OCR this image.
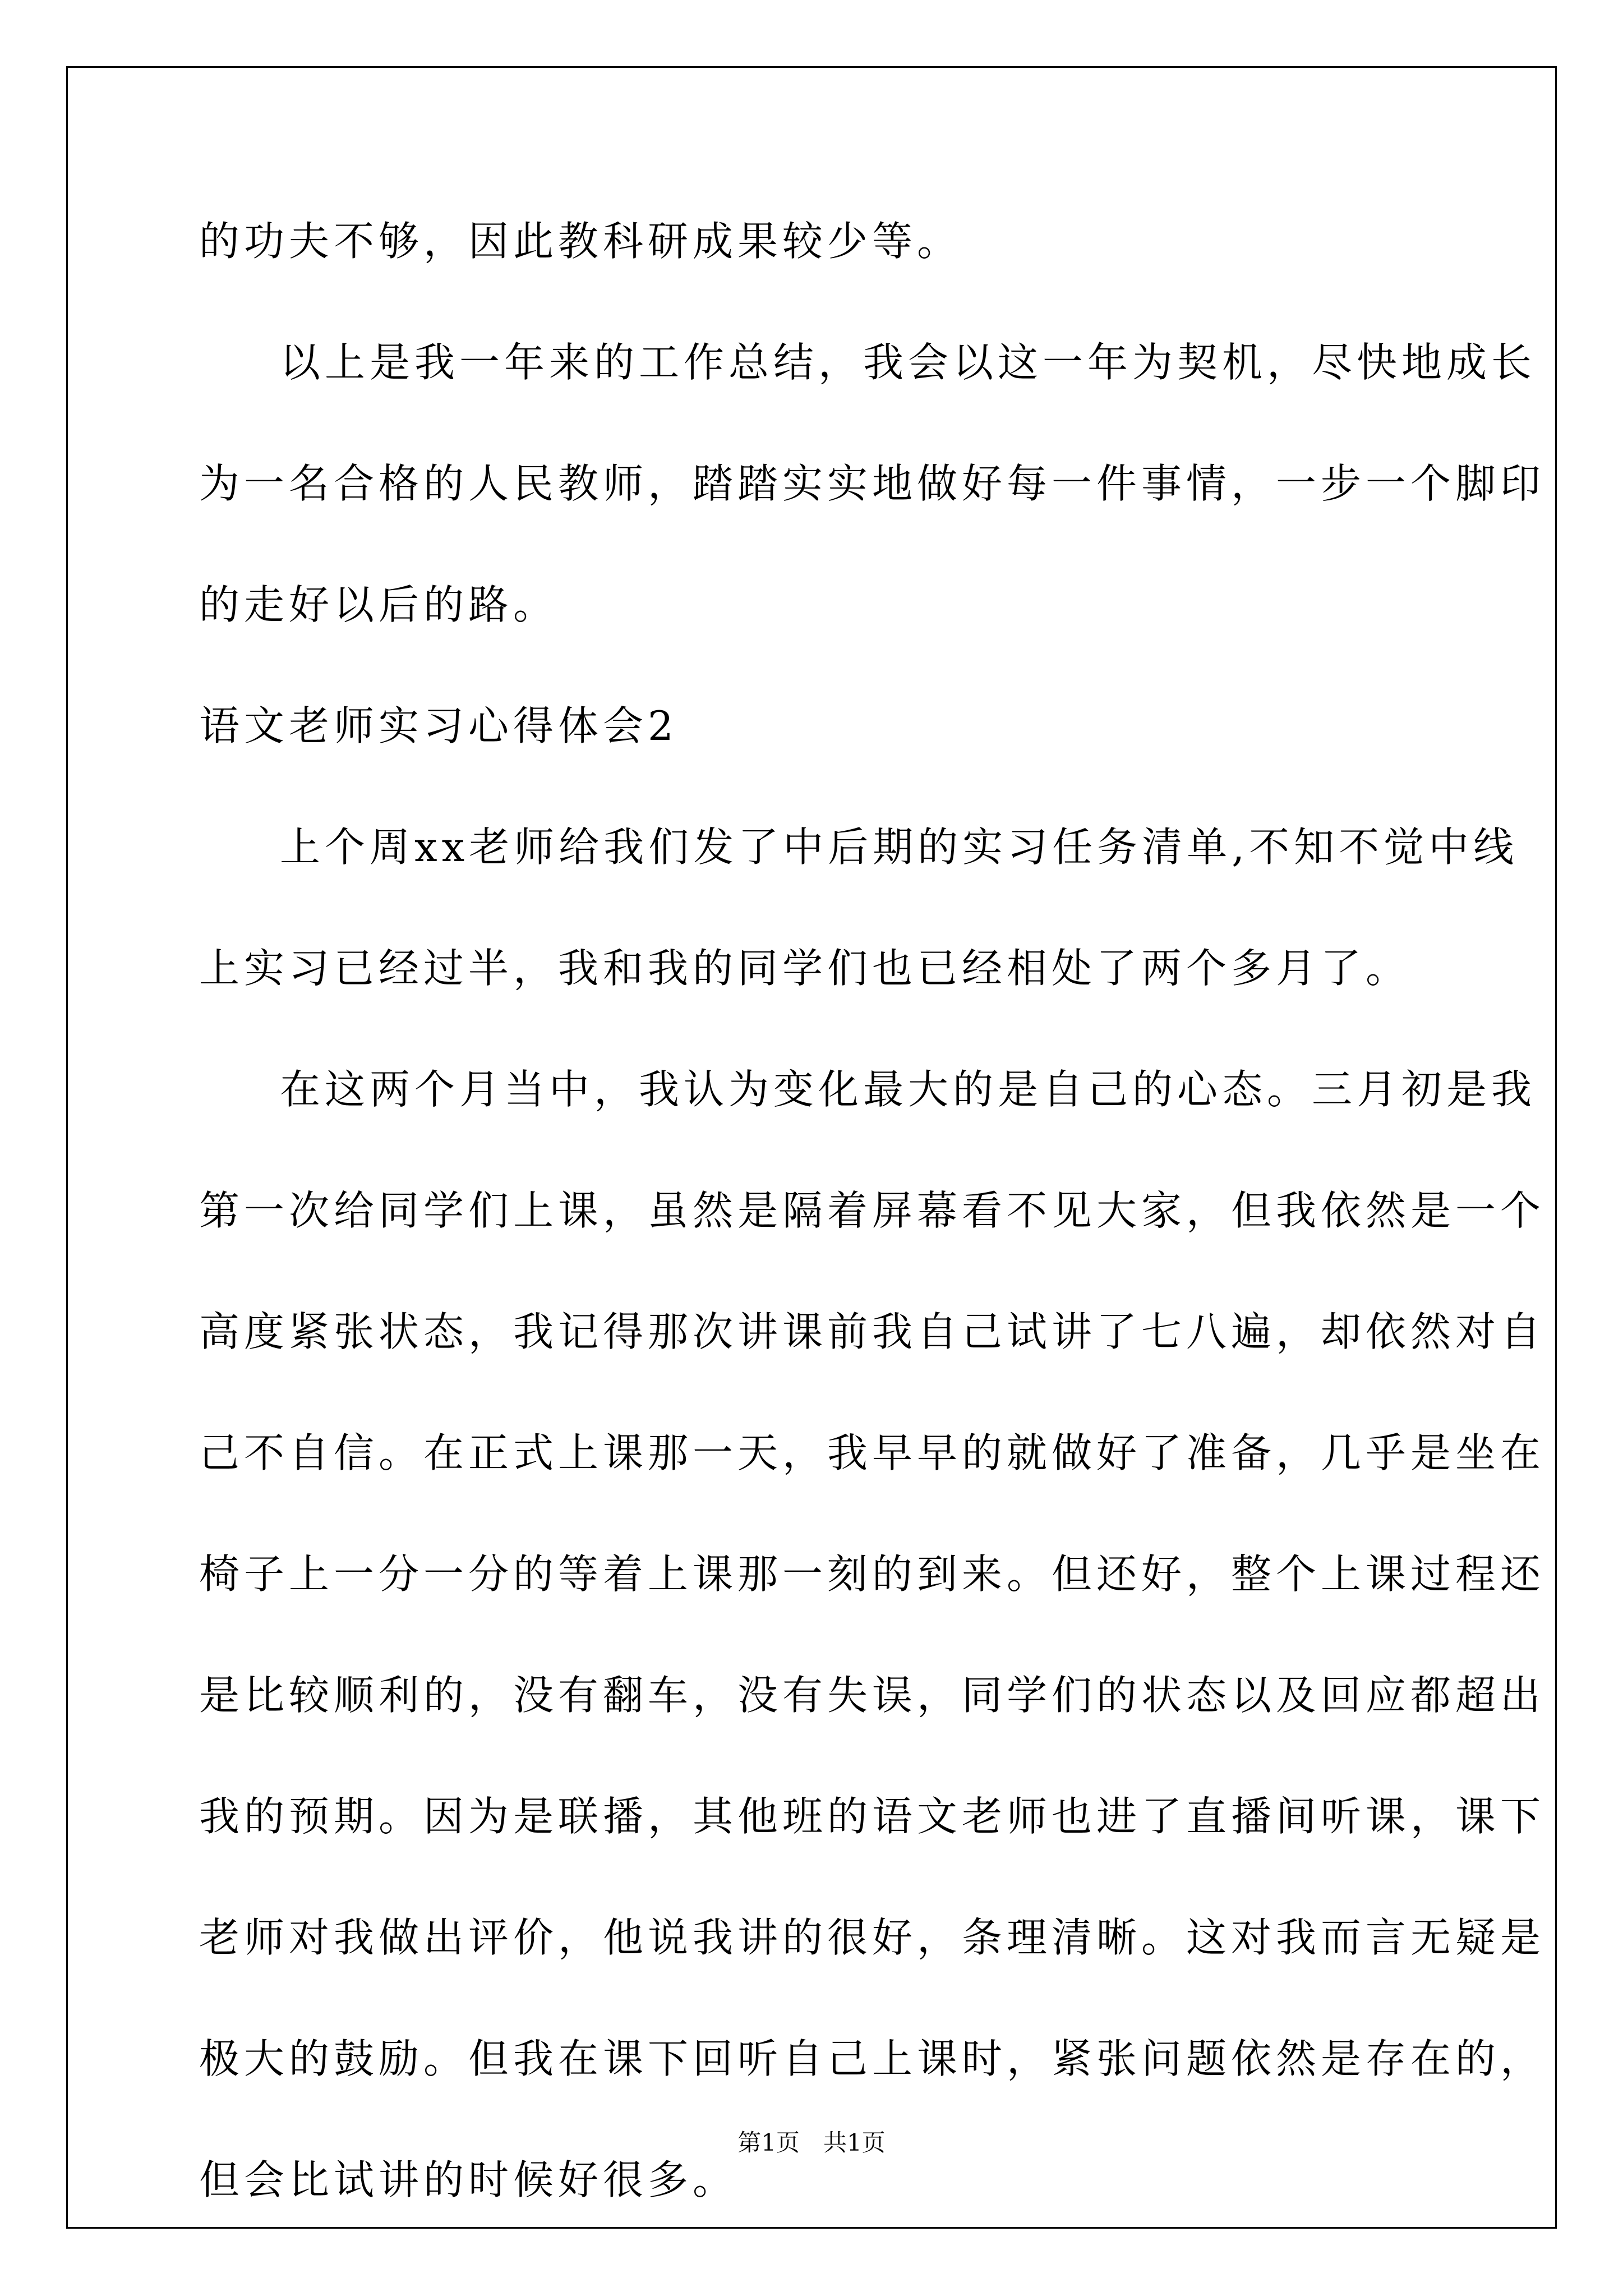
的功夫不够，因此教科研成果较少等。
以上是我一年来的工作总结，我会以这一年为契机，尽快地成长
为一名合格的人民教师，踏踏实实地做好每一件事情，一步一个脚印
的走好以后的路。
语文老师实习心得体会2
上个周xx老师给我们发了中后期的实习任务清单,不知不觉中线
上实习已经过半，我和我的同学们也已经相处了两个多月了。
在这两个月当中，我认为变化最大的是自己的心态。三月初是我
第一次给同学们上课，虽然是隔着屏幕看不见大家，但我依然是一个
高度紧张状态，我记得那次讲课前我自己试讲了七八遍，却依然对自
己不自信。在正式上课那一天，我早早的就做好了准备，几乎是坐在
椅子上一分一分的等着上课那一刻的到来。但还好，整个上课过程还
是比较顺利的，没有翻车，没有失误，同学们的状态以及回应都超出
我的预期。因为是联播，其他班的语文老师也进了直播间听课，课下
老师对我做出评价，他说我讲的很好，条理清晰。这对我而言无疑是
极大的鼓励。但我在课下回听自己上课时，紧张问题依然是存在的，
但会比试讲的时候好很多。
第1页　共1页
